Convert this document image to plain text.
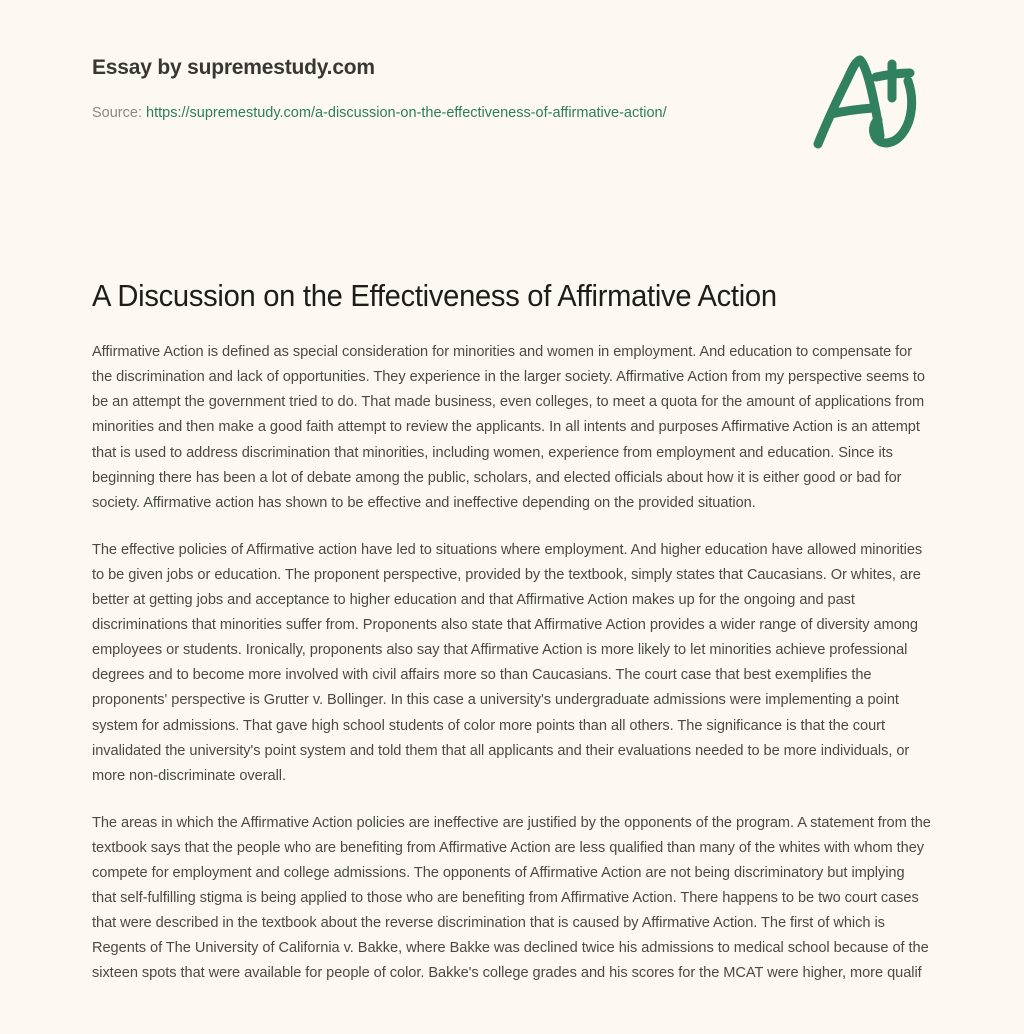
Essay by supremestudy.com
Source: https://supremestudy.com/a-discussion-on-the-effectiveness-of-affirmative-action/
A Discussion on the Effectiveness of Affirmative Action

Affirmative Action is defined as special consideration for minorities and women in employment. And education to compensate for the discrimination and lack of opportunities. They experience in the larger society. Affirmative Action from my perspective seems to be an attempt the government tried to do. That made business, even colleges, to meet a quota for the amount of applications from minorities and then make a good faith attempt to review the applicants. In all intents and purposes Affirmative Action is an attempt that is used to address discrimination that minorities, including women, experience from employment and education. Since its beginning there has been a lot of debate among the public, scholars, and elected officials about how it is either good or bad for society. Affirmative action has shown to be effective and ineffective depending on the provided situation.

The effective policies of Affirmative action have led to situations where employment. And higher education have allowed minorities to be given jobs or education. The proponent perspective, provided by the textbook, simply states that Caucasians. Or whites, are better at getting jobs and acceptance to higher education and that Affirmative Action makes up for the ongoing and past discriminations that minorities suffer from. Proponents also state that Affirmative Action provides a wider range of diversity among employees or students. Ironically, proponents also say that Affirmative Action is more likely to let minorities achieve professional degrees and to become more involved with civil affairs more so than Caucasians. The court case that best exemplifies the proponents' perspective is Grutter v. Bollinger. In this case a university's undergraduate admissions were implementing a point system for admissions. That gave high school students of color more points than all others. The significance is that the court invalidated the university's point system and told them that all applicants and their evaluations needed to be more individuals, or more non-discriminate overall.

The areas in which the Affirmative Action policies are ineffective are justified by the opponents of the program. A statement from the textbook says that the people who are benefiting from Affirmative Action are less qualified than many of the whites with whom they compete for employment and college admissions. The opponents of Affirmative Action are not being discriminatory but implying that self-fulfilling stigma is being applied to those who are benefiting from Affirmative Action. There happens to be two court cases that were described in the textbook about the reverse discrimination that is caused by Affirmative Action. The first of which is Regents of The University of California v. Bakke, where Bakke was declined twice his admissions to medical school because of the sixteen spots that were available for people of color. Bakke's college grades and his scores for the MCAT were higher, more qualif
